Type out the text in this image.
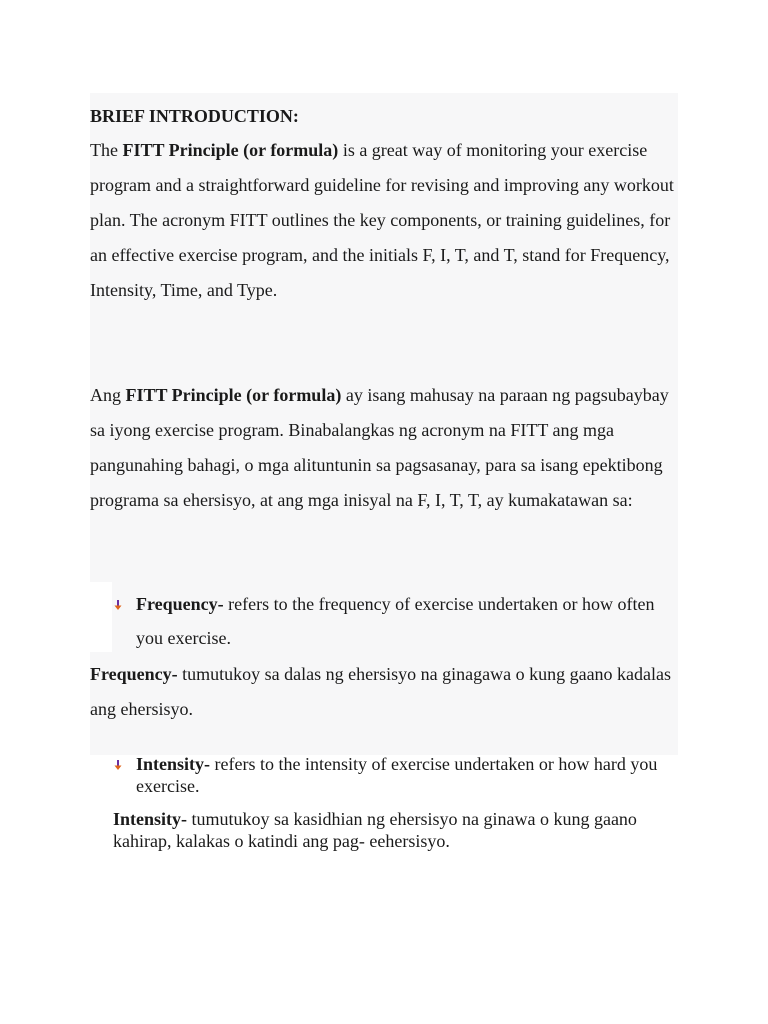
BRIEF INTRODUCTION:
The FITT Principle (or formula) is a great way of monitoring your exercise program and a straightforward guideline for revising and improving any workout plan. The acronym FITT outlines the key components, or training guidelines, for an effective exercise program, and the initials F, I, T, and T, stand for Frequency, Intensity, Time, and Type.
Ang FITT Principle (or formula) ay isang mahusay na paraan ng pagsubaybay sa iyong exercise program. Binabalangkas ng acronym na FITT ang mga pangunahing bahagi, o mga alituntunin sa pagsasanay, para sa isang epektibong programa sa ehersisyo, at ang mga inisyal na F, I, T, T, ay kumakatawan sa:
Frequency- refers to the frequency of exercise undertaken or how often you exercise.
Frequency- tumutukoy sa dalas ng ehersisyo na ginagawa o kung gaano kadalas ang ehersisyo.
Intensity- refers to the intensity of exercise undertaken or how hard you exercise.
Intensity- tumutukoy sa kasidhian ng ehersisyo na ginawa o kung gaano kahirap, kalakas o katindi ang pag- eehersisyo.
